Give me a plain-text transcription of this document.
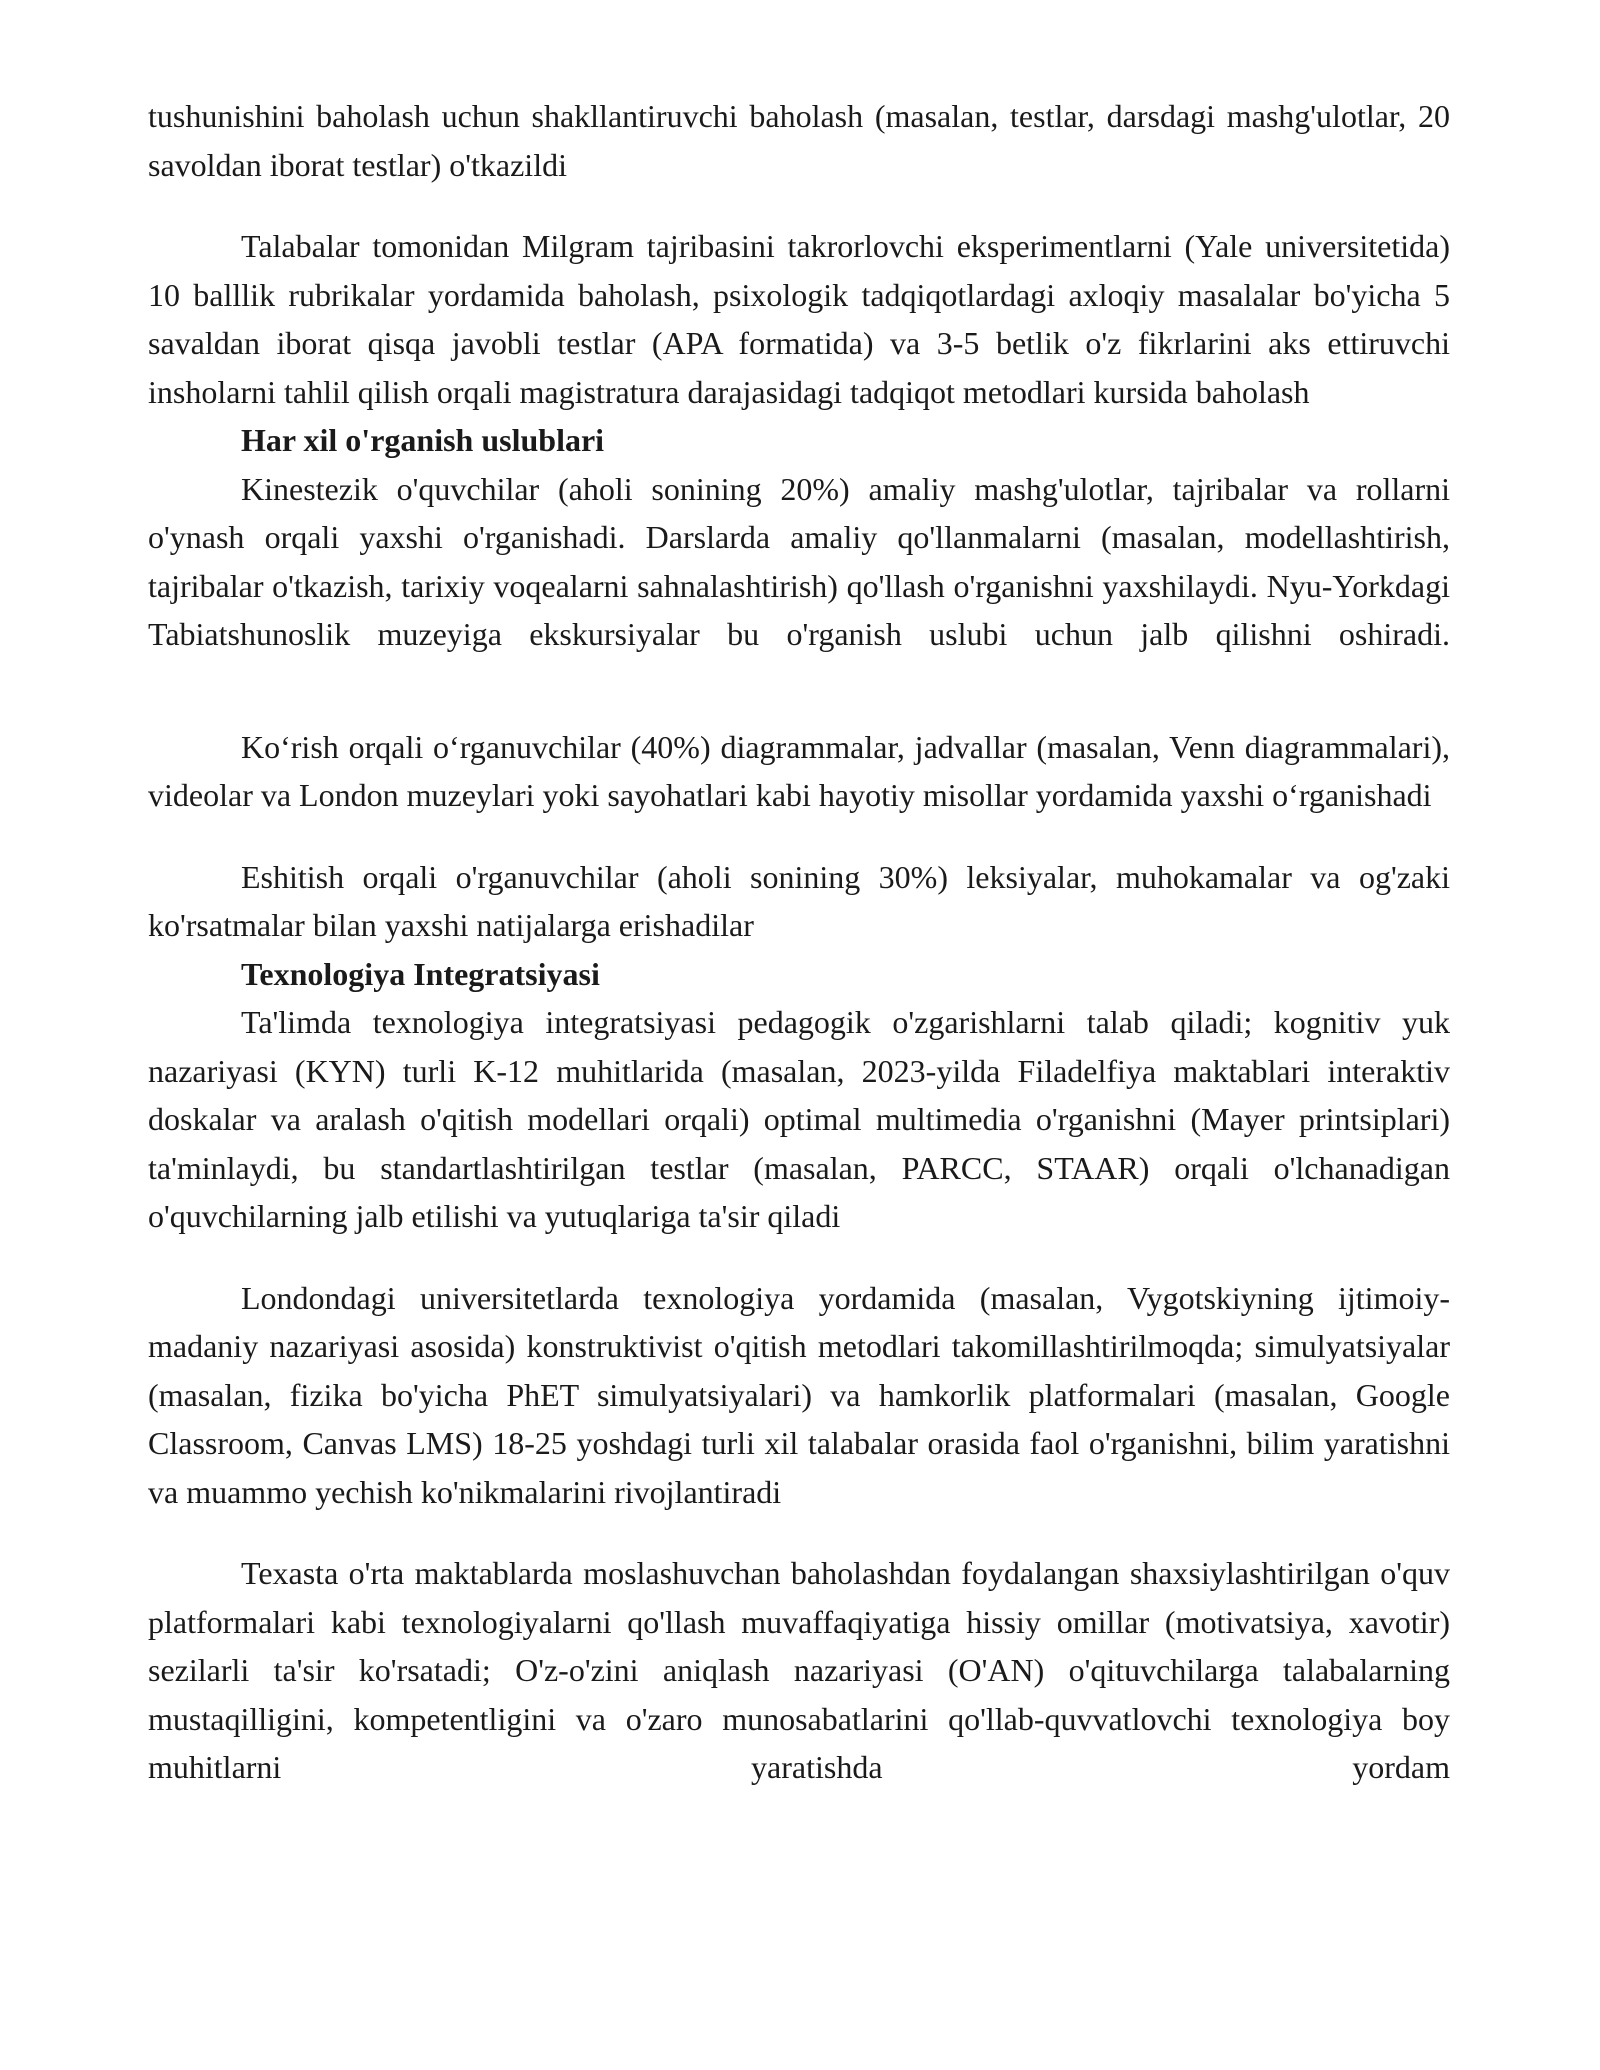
tushunishini baholash uchun shakllantiruvchi baholash (masalan, testlar, darsdagi mashg'ulotlar, 20 savoldan iborat testlar) o'tkazildi

Talabalar tomonidan Milgram tajribasini takrorlovchi eksperimentlarni (Yale universitetida) 10 balllik rubrikalar yordamida baholash, psixologik tadqiqotlardagi axloqiy masalalar bo'yicha 5 savaldan iborat qisqa javobli testlar (APA formatida) va 3-5 betlik o'z fikrlarini aks ettiruvchi insholarni tahlil qilish orqali magistratura darajasidagi tadqiqot metodlari kursida baholash

Har xil o'rganish uslublari

Kinestezik o'quvchilar (aholi sonining 20%) amaliy mashg'ulotlar, tajribalar va rollarni o'ynash orqali yaxshi o'rganishadi. Darslarda amaliy qo'llanmalarni (masalan, modellashtirish, tajribalar o'tkazish, tarixiy voqealarni sahnalashtirish) qo'llash o'rganishni yaxshilaydi. Nyu-Yorkdagi Tabiatshunoslik muzeyiga ekskursiyalar bu o'rganish uslubi uchun jalb qilishni oshiradi.

Ko‘rish orqali o‘rganuvchilar (40%) diagrammalar, jadvallar (masalan, Venn diagrammalari), videolar va London muzeylari yoki sayohatlari kabi hayotiy misollar yordamida yaxshi o‘rganishadi

Eshitish orqali o'rganuvchilar (aholi sonining 30%) leksiyalar, muhokamalar va og'zaki ko'rsatmalar bilan yaxshi natijalarga erishadilar

Texnologiya Integratsiyasi

Ta'limda texnologiya integratsiyasi pedagogik o'zgarishlarni talab qiladi; kognitiv yuk nazariyasi (KYN) turli K-12 muhitlarida (masalan, 2023-yilda Filadelfiya maktablari interaktiv doskalar va aralash o'qitish modellari orqali) optimal multimedia o'rganishni (Mayer printsiplari) ta'minlaydi, bu standartlashtirilgan testlar (masalan, PARCC, STAAR) orqali o'lchanadigan o'quvchilarning jalb etilishi va yutuqlariga ta'sir qiladi

Londondagi universitetlarda texnologiya yordamida (masalan, Vygotskiyning ijtimoiy-madaniy nazariyasi asosida) konstruktivist o'qitish metodlari takomillashtirilmoqda; simulyatsiyalar (masalan, fizika bo'yicha PhET simulyatsiyalari) va hamkorlik platformalari (masalan, Google Classroom, Canvas LMS) 18-25 yoshdagi turli xil talabalar orasida faol o'rganishni, bilim yaratishni va muammo yechish ko'nikmalarini rivojlantiradi

Texasta o'rta maktablarda moslashuvchan baholashdan foydalangan shaxsiylashtirilgan o'quv platformalari kabi texnologiyalarni qo'llash muvaffaqiyatiga hissiy omillar (motivatsiya, xavotir) sezilarli ta'sir ko'rsatadi; O'z-o'zini aniqlash nazariyasi (O'AN) o'qituvchilarga talabalarning mustaqilligini, kompetentligini va o'zaro munosabatlarini qo'llab-quvvatlovchi texnologiya boy muhitlarni yaratishda yordam
